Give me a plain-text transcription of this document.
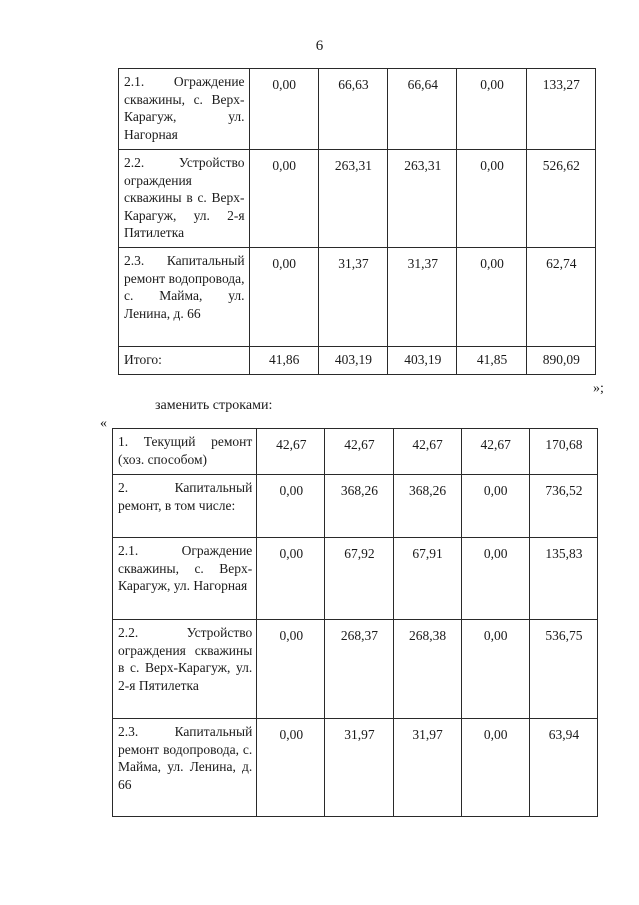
6
2.1. Ограждение скважины, с. Верх-Карагуж, ул. Нагорная	0,00	66,63	66,64	0,00	133,27
2.2. Устройство ограждения скважины в с. Верх-Карагуж, ул. 2-я Пятилетка	0,00	263,31	263,31	0,00	526,62
2.3. Капитальный ремонт водопровода, с. Майма, ул. Ленина, д. 66	0,00	31,37	31,37	0,00	62,74
Итого:	41,86	403,19	403,19	41,85	890,09
»;
заменить строками:
«
1. Текущий ремонт (хоз. способом)	42,67	42,67	42,67	42,67	170,68
2. Капитальный ремонт, в том числе:	0,00	368,26	368,26	0,00	736,52
2.1. Ограждение скважины, с. Верх-Карагуж, ул. Нагорная	0,00	67,92	67,91	0,00	135,83
2.2. Устройство ограждения скважины в с. Верх-Карагуж, ул. 2-я Пятилетка	0,00	268,37	268,38	0,00	536,75
2.3. Капитальный ремонт водопровода, с. Майма, ул. Ленина, д. 66	0,00	31,97	31,97	0,00	63,94
